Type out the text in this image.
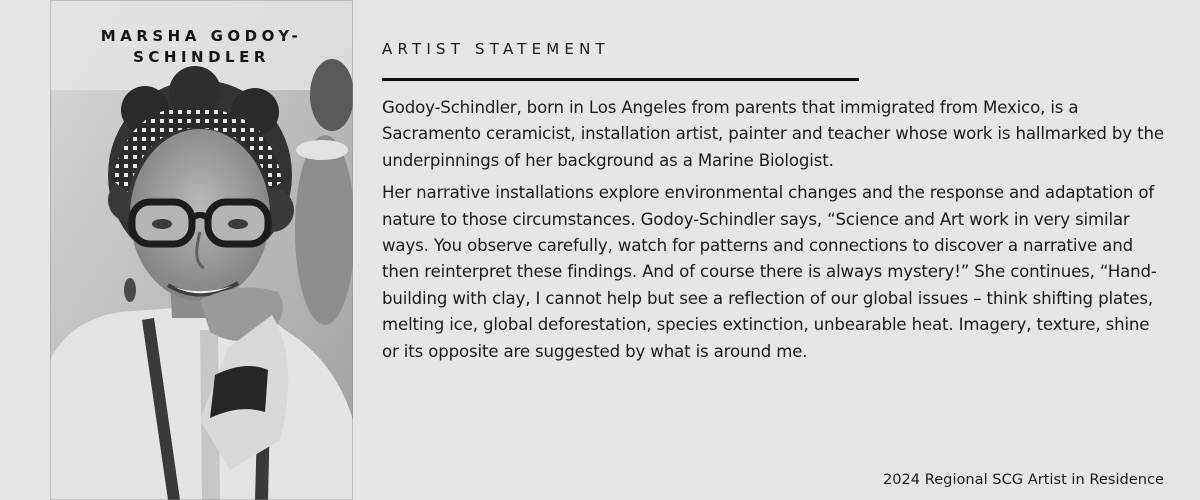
MARSHA GODOY-SCHINDLER	ARTIST STATEMENT

Godoy-Schindler, born in Los Angeles from parents that immigrated from Mexico, is a Sacramento ceramicist, installation artist, painter and teacher whose work is hallmarked by the underpinnings of her background as a Marine Biologist.

Her narrative installations explore environmental changes and the response and adaptation of nature to those circumstances. Godoy-Schindler says, “Science and Art work in very similar ways. You observe carefully, watch for patterns and connections to discover a narrative and then reinterpret these findings. And of course there is always mystery!” She continues, “Hand-building with clay, I cannot help but see a reflection of our global issues – think shifting plates, melting ice, global deforestation, species extinction, unbearable heat. Imagery, texture, shine or its opposite are suggested by what is around me.

2024 Regional SCG Artist in Residence
